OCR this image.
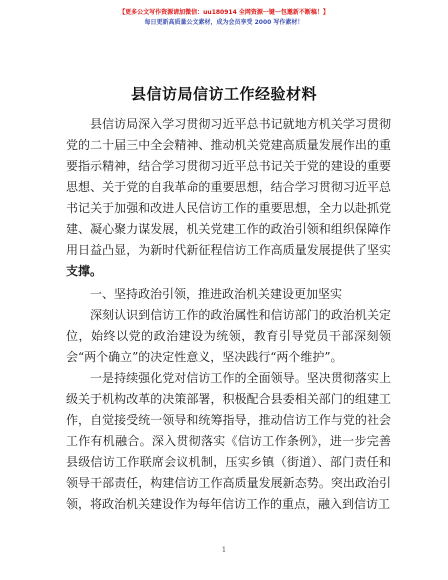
【更多公文写作资源请加微信：uu180914 全网资源一键一包邀新不断稿！】
每日更新高质量公文素材，成为会员享受 2000 写作素材！
县信访局信访工作经验材料

县信访局深入学习贯彻习近平总书记就地方机关学习贯彻党的二十届三中全会精神、推动机关党建高质量发展作出的重要指示精神，结合学习贯彻习近平总书记关于党的建设的重要思想、关于党的自我革命的重要思想，结合学习贯彻习近平总书记关于加强和改进人民信访工作的重要思想，全力以赴抓党建、凝心聚力谋发展，机关党建工作的政治引领和组织保障作用日益凸显，为新时代新征程信访工作高质量发展提供了坚实支撑。

一、坚持政治引领，推进政治机关建设更加坚实

深刻认识到信访工作的政治属性和信访部门的政治机关定位，始终以党的政治建设为统领，教育引导党员干部深刻领会“两个确立”的决定性意义，坚决践行“两个维护”。

一是持续强化党对信访工作的全面领导。坚决贯彻落实上级关于机构改革的决策部署，积极配合县委相关部门的组建工作，自觉接受统一领导和统筹指导，推动信访工作与党的社会工作有机融合。深入贯彻落实《信访工作条例》，进一步完善县级信访工作联席会议机制，压实乡镇（街道）、部门责任和领导干部责任，构建信访工作高质量发展新态势。突出政治引领，将政治机关建设作为每年信访工作的重点，融入到信访工

1
